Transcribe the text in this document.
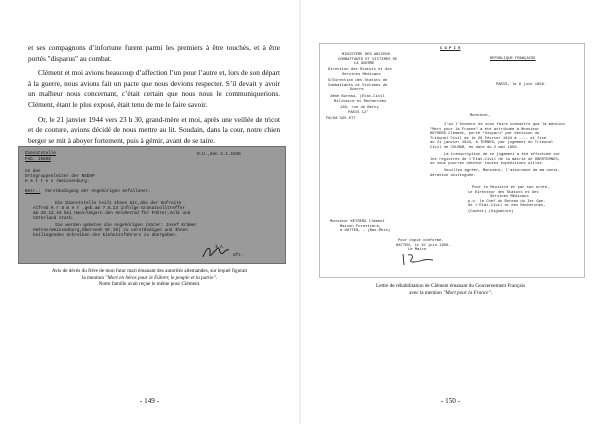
et ses compagnons d’infortune furent parmi les premiers à être touchés, et à être portés "disparus" au combat.

Clément et moi avions beaucoup d’affection l’un pour l’autre et, lors de son départ à la guerre, nous avions fait un pacte que nous devions respecter. S’il devait y avoir un malheur nous concernant, c’était certain que nous nous le communiquerions. Clément, étant le plus exposé, était tenu de me le faire savoir.

Or, le 21 janvier 1944 vers 23 h 30, grand-mère et moi, après une veillée de tricot et de couture, avions décidé de nous mettre au lit. Soudain, dans la cour, notre chien berger se mit à aboyer fortement, puis à gémir, avant de se taire.

Dienststelle
Feb. 15698
O.U.,den 2.1.1945
An den
Ortsgruppenleiter der NSDAP
H a t t e n /Weissenburg.
Betr.: Verständigung der Angehörigen Gefallener.
Die Dienststelle teilt Ihnen mit,das der Gefreite
Alfred K r ä m e r ,geb.am 7.5.23 infolge Granatvolltreffer
am 20.12.44 bei Hans/Ungarn den Heldentod für Führer,Volk und
Vaterland starb.
Sie werden gebeten die Angehörigen (Vater: Josef Krämer
Hatten/Weissenburg,Oberseeh Nr.36) zu verständigen und Ihnen
beiliegendes Schreiben des Einheitsführers zu übergeben.
I.A.
Ufz.
Avis de décès du frère de mon futur mari émanant des autorités allemandes, sur lequel figurait
la mention "Mort en héros pour le Führer, le peuple et la patrie".
Notre famille avait reçue le même pour Clément.
- 149 -
C O P I E
REPUBLIQUE FRANÇAISE
MINISTERE DES ANCIENS
COMBATTANTS ET VICTIMES DE
LA GUERRE
Direction des Statuts et des
Services Médicaux
S/Direction des Statuts de
Combattants et Victimes de
Guerre
2ème Bureau, (Etat-Civil
Militaire et Recherches
139, rue de Bercy
PARIS 12°
FN/DA 325.077
PARIS, le 9 juin 1956.
Monsieur,
J’ai l’honneur de vous faire connaître que la mention
"Mort pour la France" a été attribuée à Monsieur
KEYSERG Clément, porté "disparu" par décision du
Tribunal Civil de le 28 Février 1944 à ---- et fixé
au 21 janvier 1944, à TERNES, par jugement du Tribunal
Civil de COLMAR, en date du 2 mai 1956.
La transcription de ce jugement a été effectuée sur
les registres de l’Etat-Civil de la mairie de OBERTERNES,
où vous pourrez obtenir toutes expéditions utiles.
Veuillez agréer, Monsieur, l’assurance de ma consi-
dération distinguée.
Pour le Ministre et par son ordre,
Le Directeur des Statuts et des
Services Médicaux
p.o. le Chef du Bureau du Ier Gpe.
de l’Etat-Civil et des Recherches,
(Cachet) (Signature)
Monsieur KEYSERG Clément
Maison Forestière,
à HATTEN, - (Bas-Rhin)
Pour copie conforme.
HATTEN, le 15 juin 1956.
Le Maire
Lettre de réhabilitation de Clément émanant du Gouvernement Français
avec la mention "Mort pour la France".
- 150 -
